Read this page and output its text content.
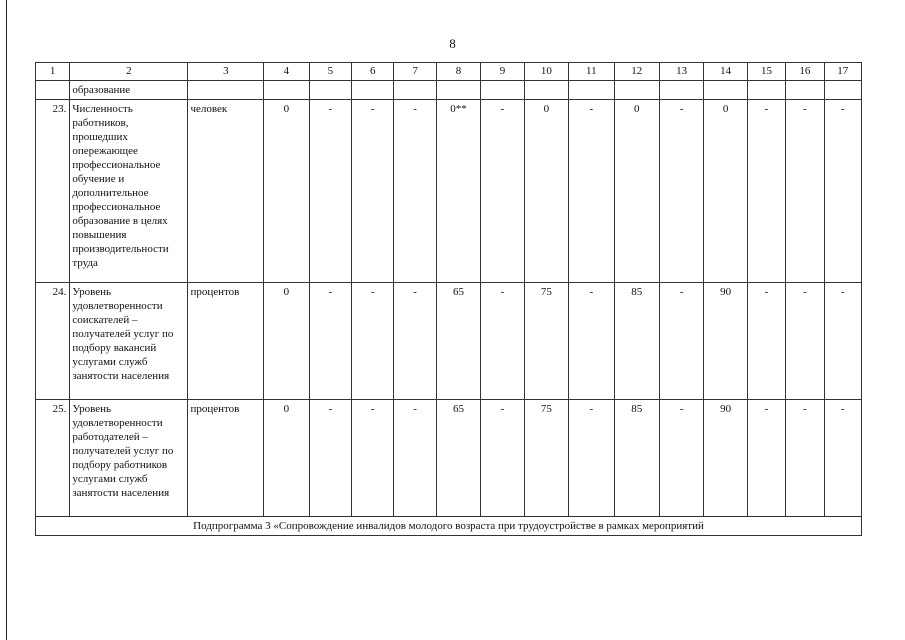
8
1	2	3	4	5	6	7	8	9	10	11	12	13	14	15	16	17
	образование															
23.	Численность работников, прошедших опережающее профессиональное обучение и дополнительное профессиональное образование в целях повышения производительности труда	человек	0	-	-	-	0**	-	0	-	0	-	0	-	-	-
24.	Уровень удовлетворенности соискателей – получателей услуг по подбору вакансий услугами служб занятости населения	процентов	0	-	-	-	65	-	75	-	85	-	90	-	-	-
25.	Уровень удовлетворенности работодателей – получателей услуг по подбору работников услугами служб занятости населения	процентов	0	-	-	-	65	-	75	-	85	-	90	-	-	-
Подпрограмма 3 «Сопровождение инвалидов молодого возраста при трудоустройстве в рамках мероприятий																
